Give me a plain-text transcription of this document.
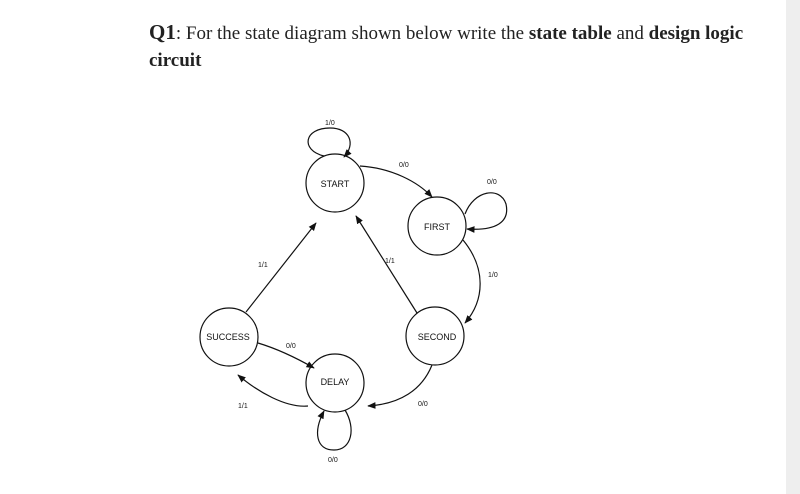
Q1: For the state diagram shown below write the state table and design logic circuit
START
FIRST
SECOND
DELAY
SUCCESS
1/0
0/0
0/0
1/0
1/1
0/0
0/0
1/1
0/0
1/1
